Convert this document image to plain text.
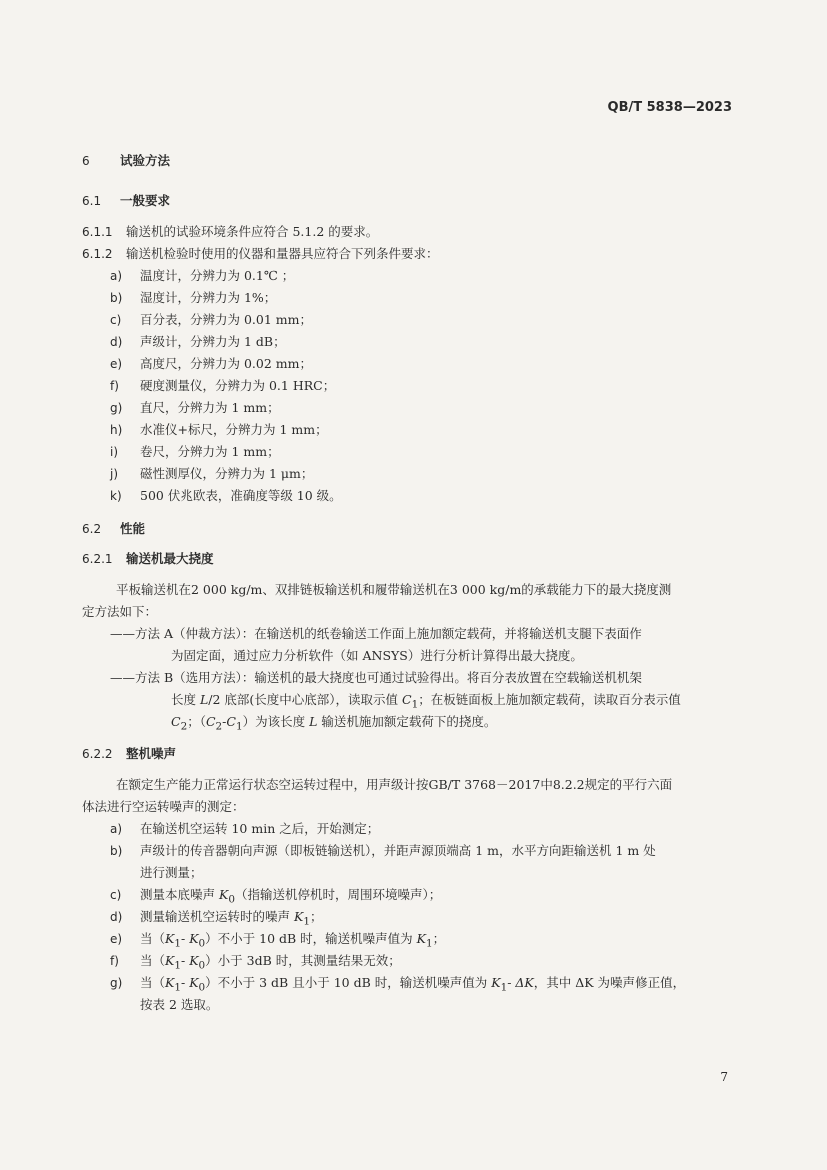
QB/T 5838—2023
6 试验方法
6.1 一般要求
6.1.1 输送机的试验环境条件应符合 5.1.2 的要求。
6.1.2 输送机检验时使用的仪器和量器具应符合下列条件要求：
a) 温度计，分辨力为 0.1℃ ；
b) 湿度计，分辨力为 1%；
c) 百分表，分辨力为 0.01 mm；
d) 声级计，分辨力为 1 dB；
e) 高度尺，分辨力为 0.02 mm；
f) 硬度测量仪，分辨力为 0.1 HRC；
g) 直尺，分辨力为 1 mm；
h) 水准仪+标尺，分辨力为 1 mm；
i) 卷尺，分辨力为 1 mm；
j) 磁性测厚仪，分辨力为 1 μm；
k) 500 伏兆欧表，准确度等级 10 级。
6.2 性能
6.2.1 输送机最大挠度
平板输送机在2 000 kg/m、双排链板输送机和履带输送机在3 000 kg/m的承载能力下的最大挠度测
定方法如下：
——方法 A（仲裁方法）：在输送机的纸卷输送工作面上施加额定载荷，并将输送机支腿下表面作
为固定面，通过应力分析软件（如 ANSYS）进行分析计算得出最大挠度。
——方法 B（选用方法）：输送机的最大挠度也可通过试验得出。将百分表放置在空载输送机机架
长度 L/2 底部(长度中心底部），读取示值 $C_1$；在板链面板上施加额定载荷，读取百分表示值
$C_2$；$(C_2-C_1)$为该长度 L 输送机施加额定载荷下的挠度。
6.2.2 整机噪声
在额定生产能力正常运行状态空运转过程中，用声级计按GB/T 3768－2017中8.2.2规定的平行六面
体法进行空运转噪声的测定：
a) 在输送机空运转 10 min 之后，开始测定；
b) 声级计的传音器朝向声源（即板链输送机），并距声源顶端高 1 m，水平方向距输送机 1 m 处
进行测量；
c) 测量本底噪声 $K_0$（指输送机停机时，周围环境噪声）；
d) 测量输送机空运转时的噪声 $K_1$；
e) 当（$K_1-$ $K_0$）不小于 10 dB 时，输送机噪声值为 $K_1$；
f) 当（$K_1-$ $K_0$）小于 3dB 时，其测量结果无效；
g) 当（$K_1-$ $K_0$）不小于 3 dB 且小于 10 dB 时，输送机噪声值为 $K_1-$ ΔK，其中 ΔK 为噪声修正值，
按表 2 选取。
7
